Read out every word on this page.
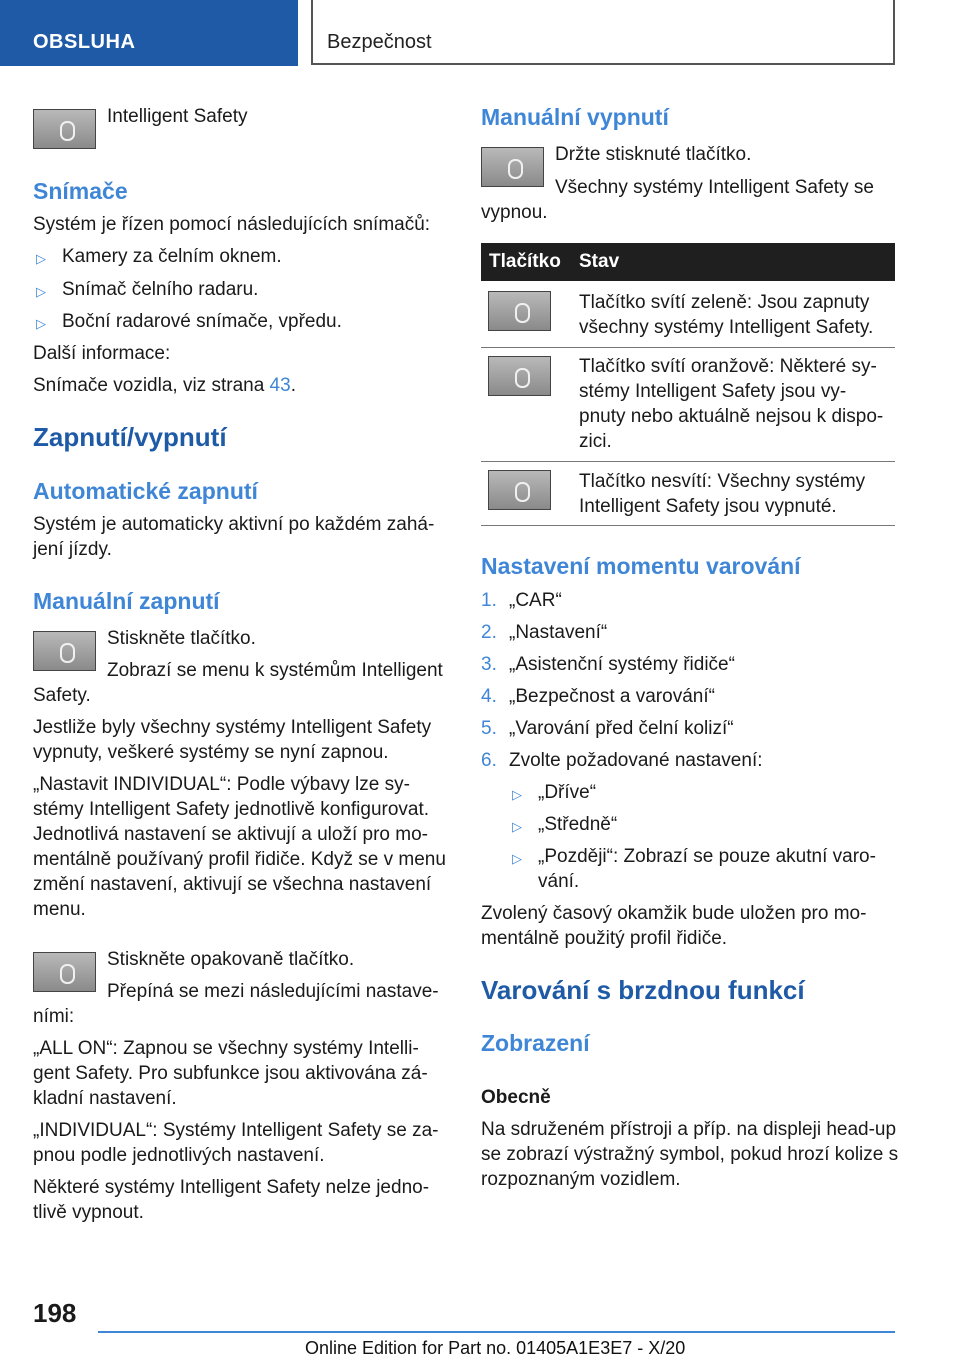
OBSLUHA	Bezpečnost
Intelligent Safety
Snímače
Systém je řízen pomocí následujících snímačů:
▷ Kamery za čelním oknem.
▷ Snímač čelního radaru.
▷ Boční radarové snímače, vpředu.
Další informace:
Snímače vozidla, viz strana 43.
Zapnutí/vypnutí
Automatické zapnutí
Systém je automaticky aktivní po každém zahá-
jení jízdy.
Manuální zapnutí
Stiskněte tlačítko.
Zobrazí se menu k systémům Intelligent
Safety.
Jestliže byly všechny systémy Intelligent Safety
vypnuty, veškeré systémy se nyní zapnou.
„Nastavit INDIVIDUAL“: Podle výbavy lze sy-
stémy Intelligent Safety jednotlivě konfigurovat.
Jednotlivá nastavení se aktivují a uloží pro mo-
mentálně používaný profil řidiče. Když se v menu
změní nastavení, aktivují se všechna nastavení
menu.
Stiskněte opakovaně tlačítko.
Přepíná se mezi následujícími nastave-
ními:
„ALL ON“: Zapnou se všechny systémy Intelli-
gent Safety. Pro subfunkce jsou aktivována zá-
kladní nastavení.
„INDIVIDUAL“: Systémy Intelligent Safety se za-
pnou podle jednotlivých nastavení.
Některé systémy Intelligent Safety nelze jedno-
tlivě vypnout.
Manuální vypnutí
Držte stisknuté tlačítko.
Všechny systémy Intelligent Safety se
vypnou.
Tlačítko Stav
Tlačítko svítí zeleně: Jsou zapnuty
všechny systémy Intelligent Safety.
Tlačítko svítí oranžově: Některé sy-
stémy Intelligent Safety jsou vy-
pnuty nebo aktuálně nejsou k dispo-
zici.
Tlačítko nesvítí: Všechny systémy
Intelligent Safety jsou vypnuté.
Nastavení momentu varování
1. „CAR“
2. „Nastavení“
3. „Asistenční systémy řidiče“
4. „Bezpečnost a varování“
5. „Varování před čelní kolizí“
6. Zvolte požadované nastavení:
▷ „Dříve“
▷ „Středně“
▷ „Později“: Zobrazí se pouze akutní varo-
vání.
Zvolený časový okamžik bude uložen pro mo-
mentálně použitý profil řidiče.
Varování s brzdnou funkcí
Zobrazení
Obecně
Na sdruženém přístroji a příp. na displeji head-up
se zobrazí výstražný symbol, pokud hrozí kolize s
rozpoznaným vozidlem.
198
Online Edition for Part no. 01405A1E3E7 - X/20
